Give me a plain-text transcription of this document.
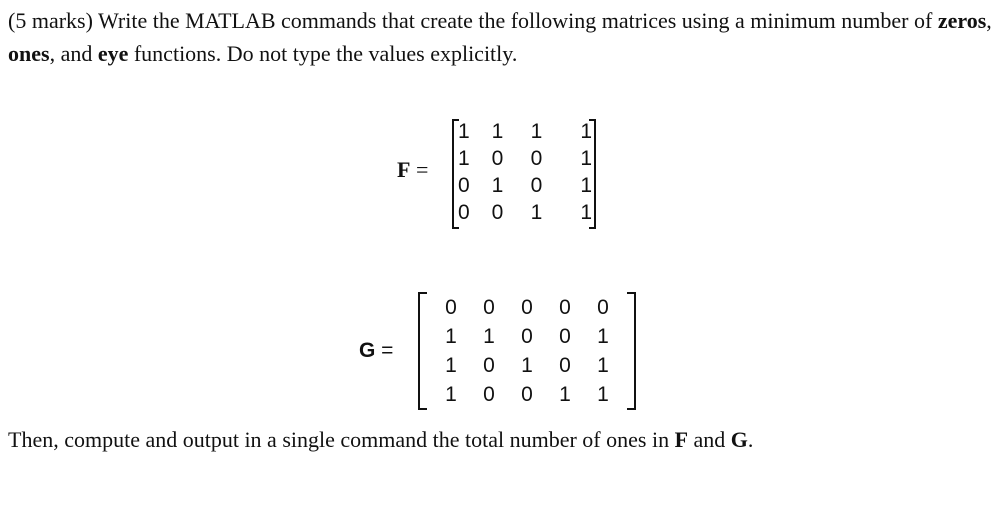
(5 marks) Write the MATLAB commands that create the following matrices using a minimum number of zeros, ones, and eye functions. Do not type the values explicitly.
F =
1	1	1	1
1	0	0	1
0	1	0	1
0	0	1	1
G =
0	0	0	0	0
1	1	0	0	1
1	0	1	0	1
1	0	0	1	1
Then, compute and output in a single command the total number of ones in F and G.
